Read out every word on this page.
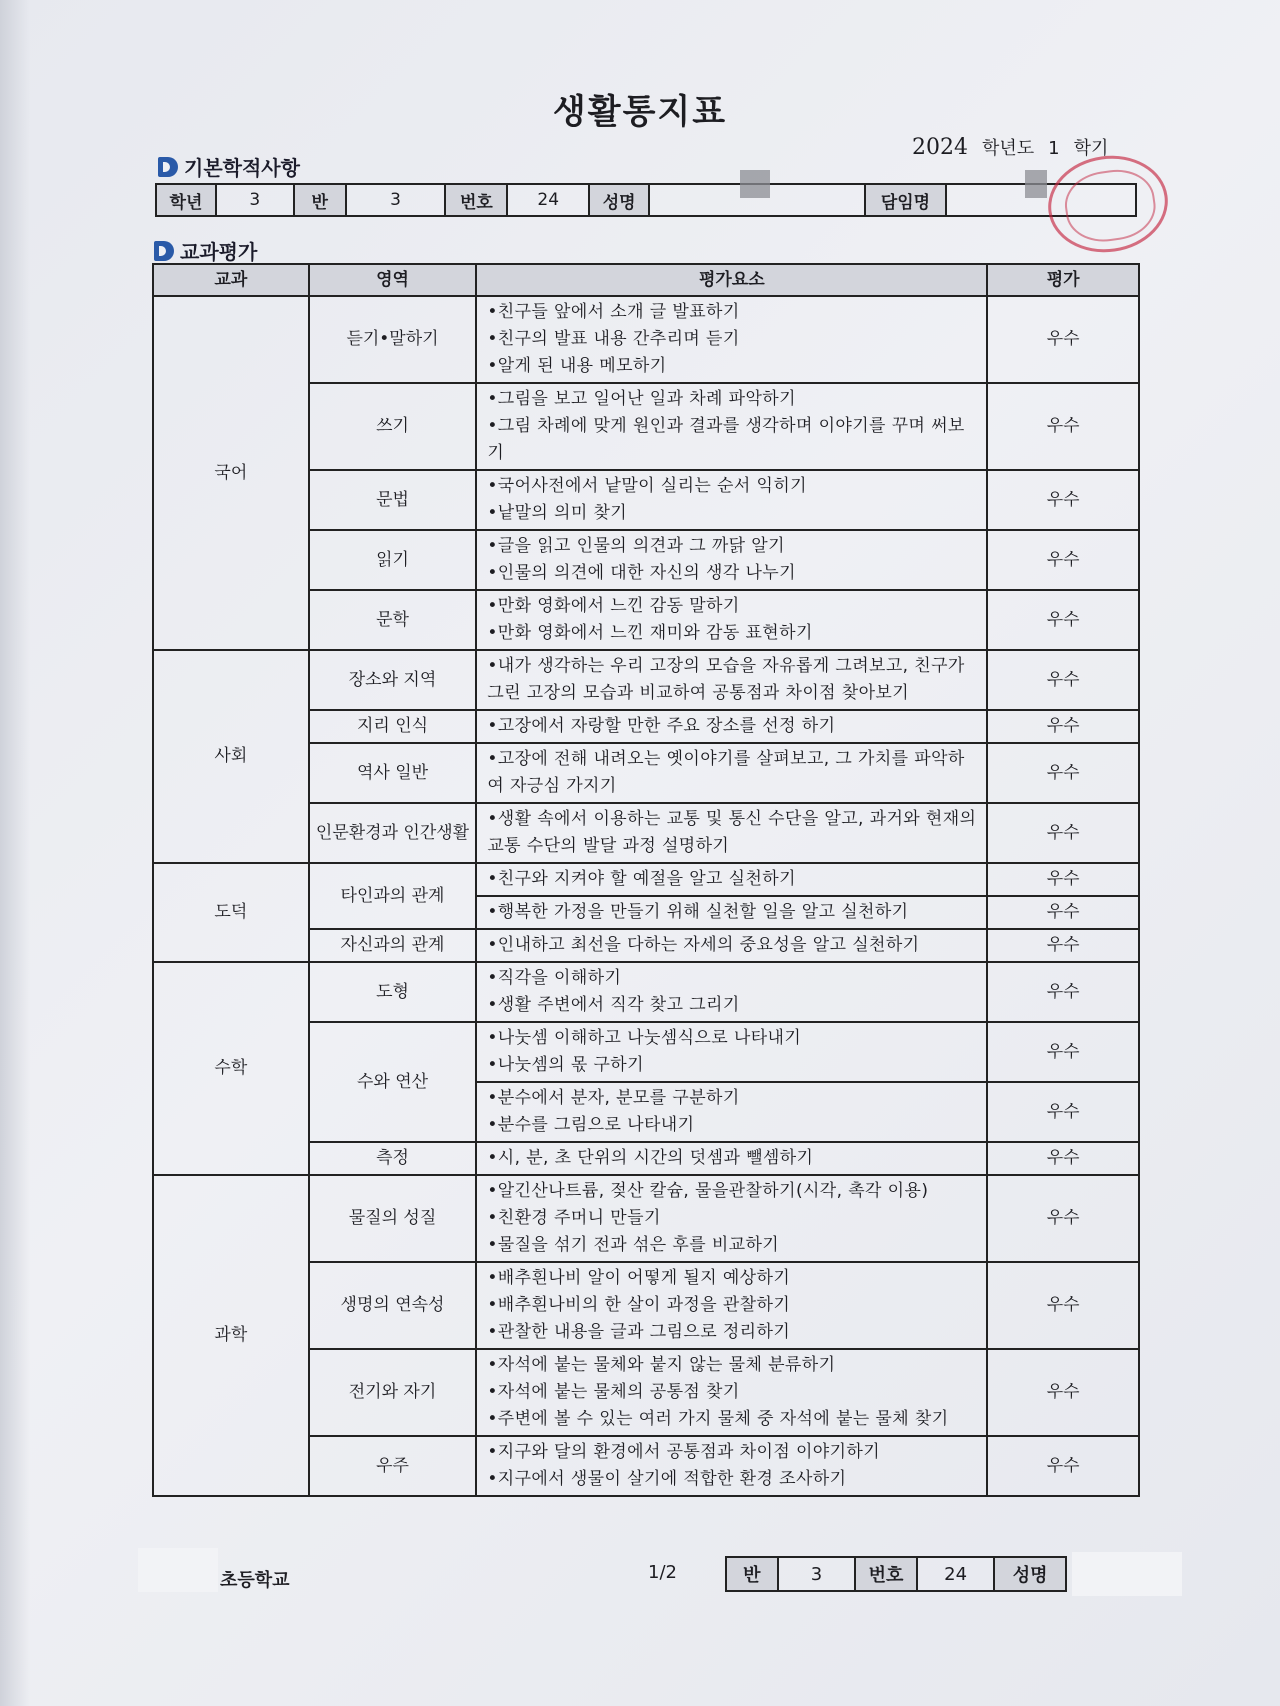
생활통지표
기본학적사항
2024 학년도 1 학기
학년	3	반	3	번호	24	성명		담임명	
교과평가
교과	영역	평가요소	평가
국어	듣기•말하기	•친구들 앞에서 소개 글 발표하기
•친구의 발표 내용 간추리며 듣기
•알게 된 내용 메모하기	우수
	쓰기	•그림을 보고 일어난 일과 차례 파악하기
•그림 차례에 맞게 원인과 결과를 생각하며 이야기를 꾸며 써보기	우수
	문법	•국어사전에서 낱말이 실리는 순서 익히기
•낱말의 의미 찾기	우수
	읽기	•글을 읽고 인물의 의견과 그 까닭 알기
•인물의 의견에 대한 자신의 생각 나누기	우수
	문학	•만화 영화에서 느낀 감동 말하기
•만화 영화에서 느낀 재미와 감동 표현하기	우수
사회	장소와 지역	•내가 생각하는 우리 고장의 모습을 자유롭게 그려보고, 친구가 그린 고장의 모습과 비교하여 공통점과 차이점 찾아보기	우수
	지리 인식	•고장에서 자랑할 만한 주요 장소를 선정 하기	우수
	역사 일반	•고장에 전해 내려오는 옛이야기를 살펴보고, 그 가치를 파악하여 자긍심 가지기	우수
	인문환경과 인간생활	•생활 속에서 이용하는 교통 및 통신 수단을 알고, 과거와 현재의 교통 수단의 발달 과정 설명하기	우수
도덕	타인과의 관계	•친구와 지켜야 할 예절을 알고 실천하기	우수

		•행복한 가정을 만들기 위해 실천할 일을 알고 실천하기	우수
	자신과의 관계	•인내하고 최선을 다하는 자세의 중요성을 알고 실천하기	우수
수학	도형	•직각을 이해하기
•생활 주변에서 직각 찾고 그리기	우수
	수와 연산	•나눗셈 이해하고 나눗셈식으로 나타내기
•나눗셈의 몫 구하기	우수

		•분수에서 분자, 분모를 구분하기
•분수를 그림으로 나타내기	우수
	측정	•시, 분, 초 단위의 시간의 덧셈과 뺄셈하기	우수
과학	물질의 성질	•알긴산나트륨, 젖산 칼슘, 물을관찰하기(시각, 촉각 이용)
•친환경 주머니 만들기
•물질을 섞기 전과 섞은 후를 비교하기	우수
	생명의 연속성	•배추흰나비 알이 어떻게 될지 예상하기
•배추흰나비의 한 살이 과정을 관찰하기
•관찰한 내용을 글과 그림으로 정리하기	우수
	전기와 자기	•자석에 붙는 물체와 붙지 않는 물체 분류하기
•자석에 붙는 물체의 공통점 찾기
•주변에 볼 수 있는 여러 가지 물체 중 자석에 붙는 물체 찾기	우수
	우주	•지구와 달의 환경에서 공통점과 차이점 이야기하기
•지구에서 생물이 살기에 적합한 환경 조사하기	우수
초등학교	1/2	반	3	번호	24	성명
